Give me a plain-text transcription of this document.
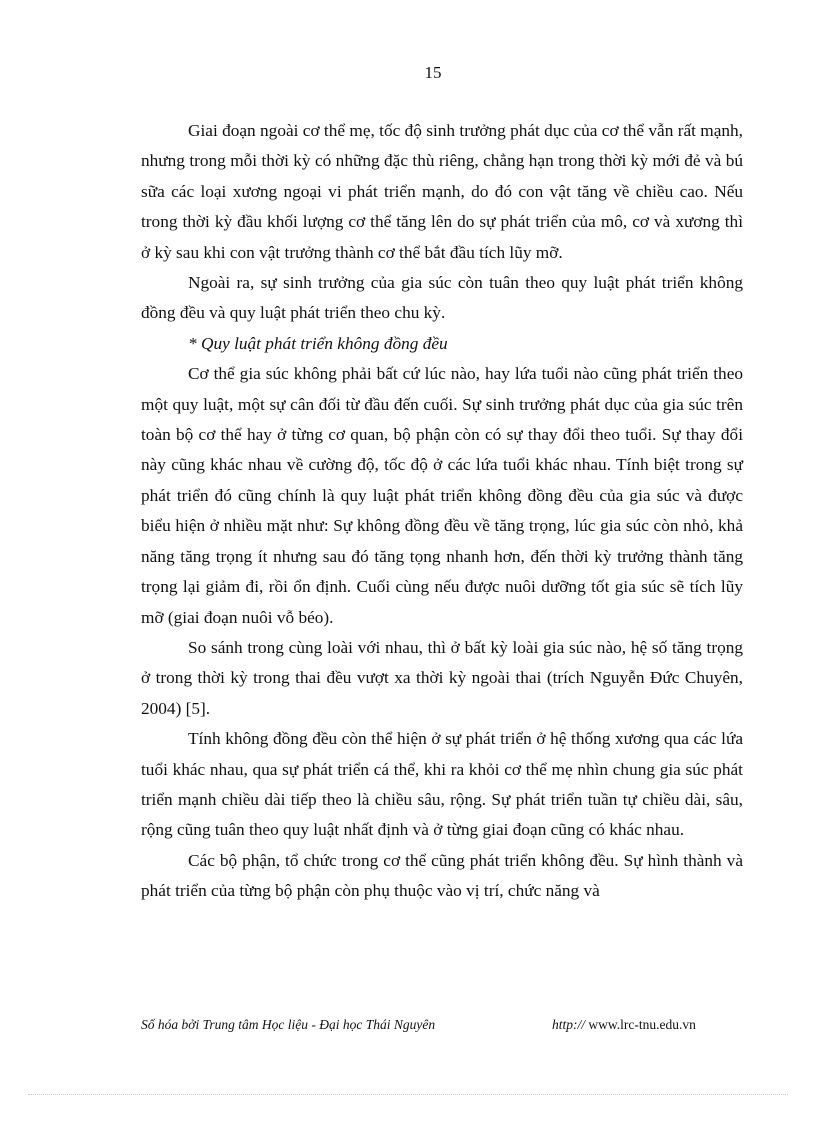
15

Giai đoạn ngoài cơ thể mẹ, tốc độ sinh trưởng phát dục của cơ thể vẫn rất mạnh, nhưng trong mỗi thời kỳ có những đặc thù riêng, chẳng hạn trong thời kỳ mới đẻ và bú sữa các loại xương ngoại vi phát triển mạnh, do đó con vật tăng về chiều cao. Nếu trong thời kỳ đầu khối lượng cơ thể tăng lên do sự phát triển của mô, cơ và xương thì ở kỳ sau khi con vật trưởng thành cơ thể bắt đầu tích lũy mỡ.

Ngoài ra, sự sinh trưởng của gia súc còn tuân theo quy luật phát triển không đồng đều và quy luật phát triển theo chu kỳ.

* Quy luật phát triển không đồng đều

Cơ thể gia súc không phải bất cứ lúc nào, hay lứa tuổi nào cũng phát triển theo một quy luật, một sự cân đối từ đầu đến cuối. Sự sinh trưởng phát dục của gia súc trên toàn bộ cơ thể hay ở từng cơ quan, bộ phận còn có sự thay đổi theo tuổi. Sự thay đổi này cũng khác nhau về cường độ, tốc độ ở các lứa tuổi khác nhau. Tính biệt trong sự phát triển đó cũng chính là quy luật phát triển không đồng đều của gia súc và được biểu hiện ở nhiều mặt như: Sự không đồng đều về tăng trọng, lúc gia súc còn nhỏ, khả năng tăng trọng ít nhưng sau đó tăng tọng nhanh hơn, đến thời kỳ trưởng thành tăng trọng lại giảm đi, rồi ổn định. Cuối cùng nếu được nuôi dưỡng tốt gia súc sẽ tích lũy mỡ (giai đoạn nuôi vỗ béo).

So sánh trong cùng loài với nhau, thì ở bất kỳ loài gia súc nào, hệ số tăng trọng ở trong thời kỳ trong thai đều vượt xa thời kỳ ngoài thai (trích Nguyễn Đức Chuyên, 2004) [5].

Tính không đồng đều còn thể hiện ở sự phát triển ở hệ thống xương qua các lứa tuổi khác nhau, qua sự phát triển cá thể, khi ra khỏi cơ thể mẹ nhìn chung gia súc phát triển mạnh chiều dài tiếp theo là chiều sâu, rộng. Sự phát triển tuần tự chiều dài, sâu, rộng cũng tuân theo quy luật nhất định và ở từng giai đoạn cũng có khác nhau.

Các bộ phận, tổ chức trong cơ thể cũng phát triển không đều. Sự hình thành và phát triển của từng bộ phận còn phụ thuộc vào vị trí, chức năng và

Số hóa bởi Trung tâm Học liệu - Đại học Thái Nguyên	http:// www.lrc-tnu.edu.vn
